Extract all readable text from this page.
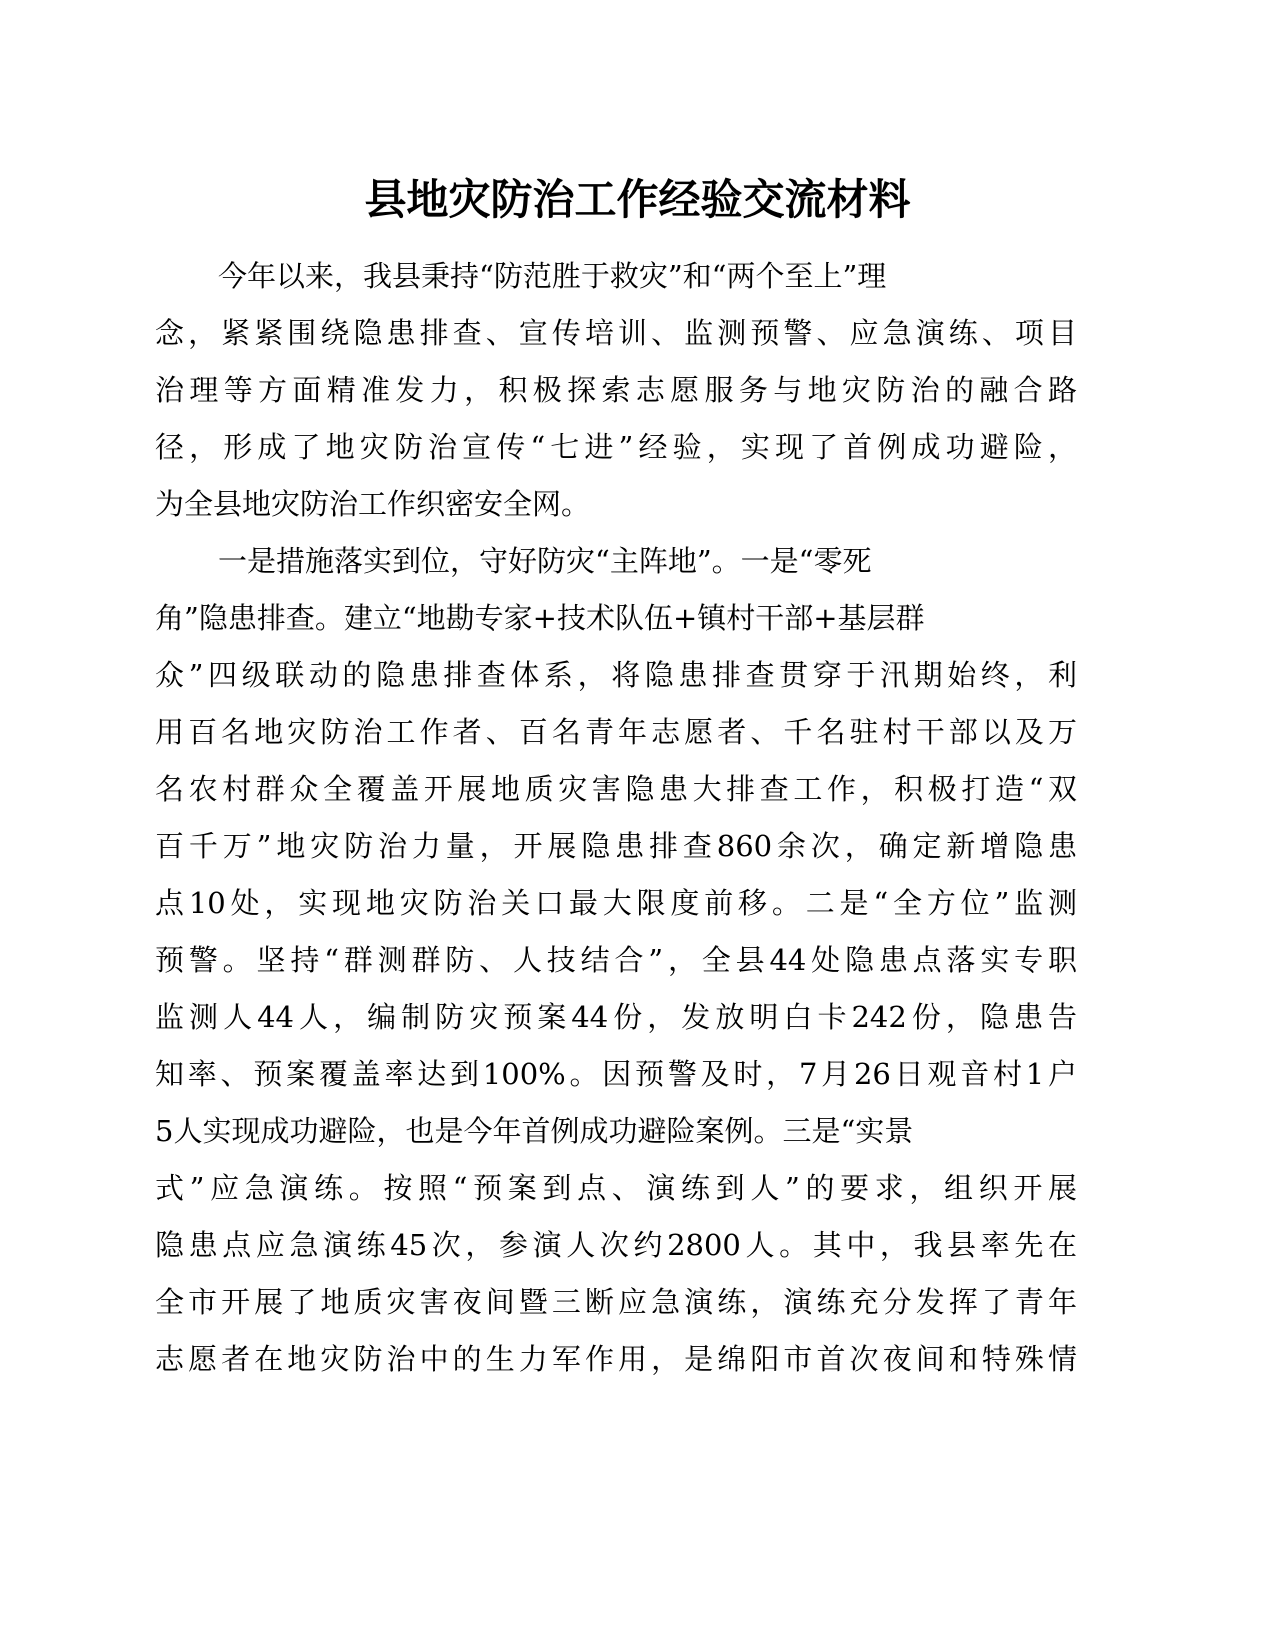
县地灾防治工作经验交流材料
今年以来，我县秉持“防范胜于救灾”和“两个至上”理
念，紧紧围绕隐患排查、宣传培训、监测预警、应急演练、项目
治理等方面精准发力，积极探索志愿服务与地灾防治的融合路
径，形成了地灾防治宣传“七进”经验，实现了首例成功避险，
为全县地灾防治工作织密安全网。
一是措施落实到位，守好防灾“主阵地”。一是“零死
角”隐患排查。建立“地勘专家+技术队伍+镇村干部+基层群
众”四级联动的隐患排查体系，将隐患排查贯穿于汛期始终，利
用百名地灾防治工作者、百名青年志愿者、千名驻村干部以及万
名农村群众全覆盖开展地质灾害隐患大排查工作，积极打造“双
百千万”地灾防治力量，开展隐患排查860余次，确定新增隐患
点10处，实现地灾防治关口最大限度前移。二是“全方位”监测
预警。坚持“群测群防、人技结合”，全县44处隐患点落实专职
监测人44人，编制防灾预案44份，发放明白卡242份，隐患告
知率、预案覆盖率达到100%。因预警及时，7月26日观音村1户
5人实现成功避险，也是今年首例成功避险案例。三是“实景
式”应急演练。按照“预案到点、演练到人”的要求，组织开展
隐患点应急演练45次，参演人次约2800人。其中，我县率先在
全市开展了地质灾害夜间暨三断应急演练，演练充分发挥了青年
志愿者在地灾防治中的生力军作用，是绵阳市首次夜间和特殊情
